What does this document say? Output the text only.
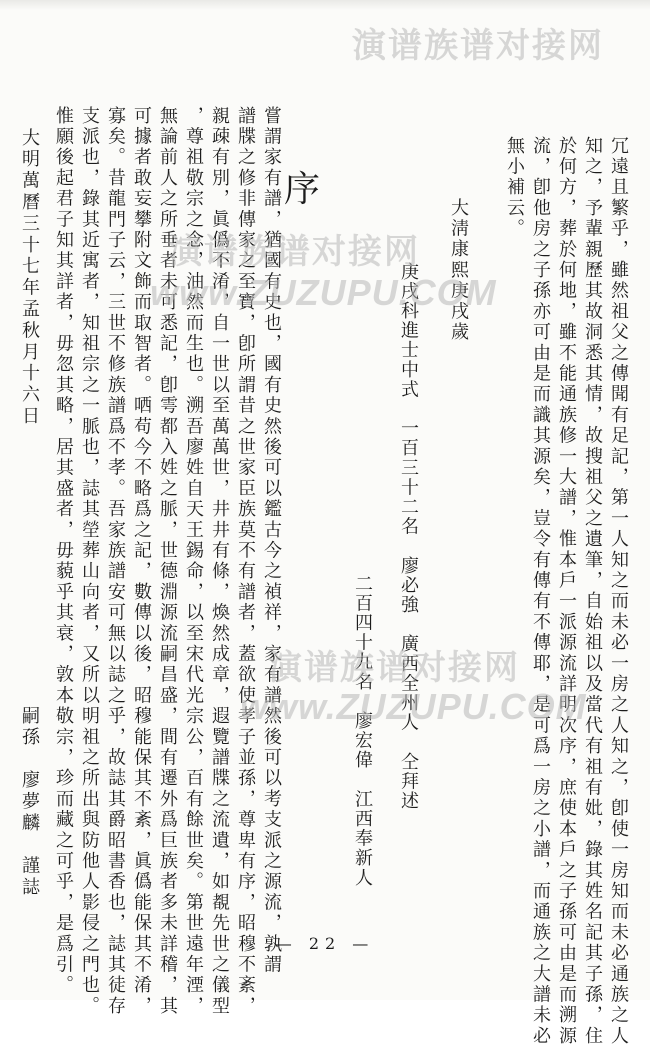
無小補云。 流，卽他房之子孫亦可由是而識其源矣，豈令有傳有不傳耶，是可爲一房之小譜，而通族之大譜未必 於何方，葬於何地，雖不能通族修一大譜，惟本戶一派源流詳明次序，庶使本戶之子孫可由是而溯源 知之，予輩親歷其故洞悉其情，故搜祖父之遺筆，自始祖以及當代有祖有妣，錄其姓名記其子孫，住 冗遠且繁乎，雖然祖父之傳聞有足記，第一人知之而未必一房之人知之，卽使一房知而未必通族之人
大淸康熙庚戌歲
庚戌科進士中式　一百三十二名　廖必強　廣西全州人　仝拜述
二百四十九名　廖宏偉　江西奉新人
序
嘗謂家有譜，猶國有史也，國有史然後可以鑑古今之禎祥，家有譜然後可以考支派之源流，孰謂
譜牒之修非傳家之至寶，卽所謂昔之世家臣族莫不有譜者，蓋欲使孝子並孫，尊卑有序，昭穆不紊，
親疎有別，眞僞不淆，自一世以至萬萬世，井井有條，煥然成章，遐覽譜牒之流遺，如覩先世之儀型
，尊祖敬宗之念，油然而生也。溯吾廖姓自天王錫命，以至宋代光宗公，百有餘世矣。第世遠年湮，
無論前人之所垂者未可悉記，卽雩都入姓之脈，世德淵源流嗣昌盛，間有遷外爲巨族者多未詳稽，其
可據者敢妄攀附文飾而取智者。哂苟今不略爲之記，數傳以後，昭穆能保其不紊，眞僞能保其不淆，
寡矣。昔龍門子云，三世不修族譜爲不孝。吾家族譜安可無以誌之乎，故誌其爵昭書香也，誌其徒存
支派也，錄其近寓者，知祖宗之一脈也，誌其塋葬山向者，又所以明祖之所出與防他人影侵之門也。
惟願後起君子知其詳者，毋忽其略，居其盛者，毋藐乎其衰，敦本敬宗，珍而藏之可乎，是爲引。
大明萬曆三十七年孟秋月十六日
嗣孫　廖夢麟　謹誌
演谱族谱对接网
演谱族谱对接网
www.ZUZUPU.COM
演谱族谱对接网
www.ZUZUPU.COM
— 22 —
